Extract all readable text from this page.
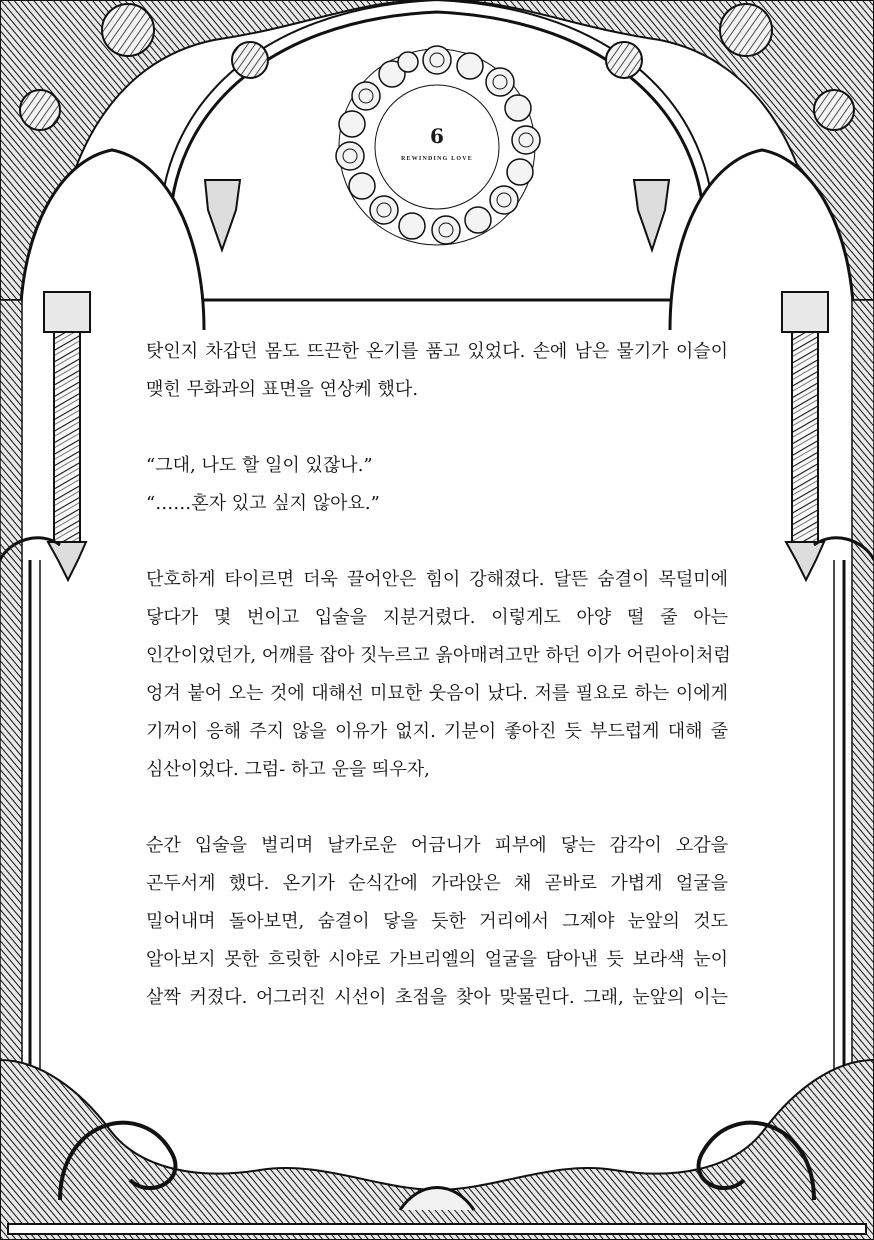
6
REWINDING LOVE
탓인지 차갑던 몸도 뜨끈한 온기를 품고 있었다. 손에 남은 물기가 이슬이
맺힌 무화과의 표면을 연상케 했다.
“그대, 나도 할 일이 있잖나.”
“……혼자 있고 싶지 않아요.”
단호하게 타이르면 더욱 끌어안은 힘이 강해졌다. 달뜬 숨결이 목덜미에
닿다가 몇 번이고 입술을 지분거렸다. 이렇게도 아양 떨 줄 아는
인간이었던가, 어깨를 잡아 짓누르고 옭아매려고만 하던 이가 어린아이처럼
엉겨 붙어 오는 것에 대해선 미묘한 웃음이 났다. 저를 필요로 하는 이에게
기꺼이 응해 주지 않을 이유가 없지. 기분이 좋아진 듯 부드럽게 대해 줄
심산이었다. 그럼- 하고 운을 띄우자,
순간 입술을 벌리며 날카로운 어금니가 피부에 닿는 감각이 오감을
곤두서게 했다. 온기가 순식간에 가라앉은 채 곧바로 가볍게 얼굴을
밀어내며 돌아보면, 숨결이 닿을 듯한 거리에서 그제야 눈앞의 것도
알아보지 못한 흐릿한 시야로 가브리엘의 얼굴을 담아낸 듯 보라색 눈이
살짝 커졌다. 어그러진 시선이 초점을 찾아 맞물린다. 그래, 눈앞의 이는
